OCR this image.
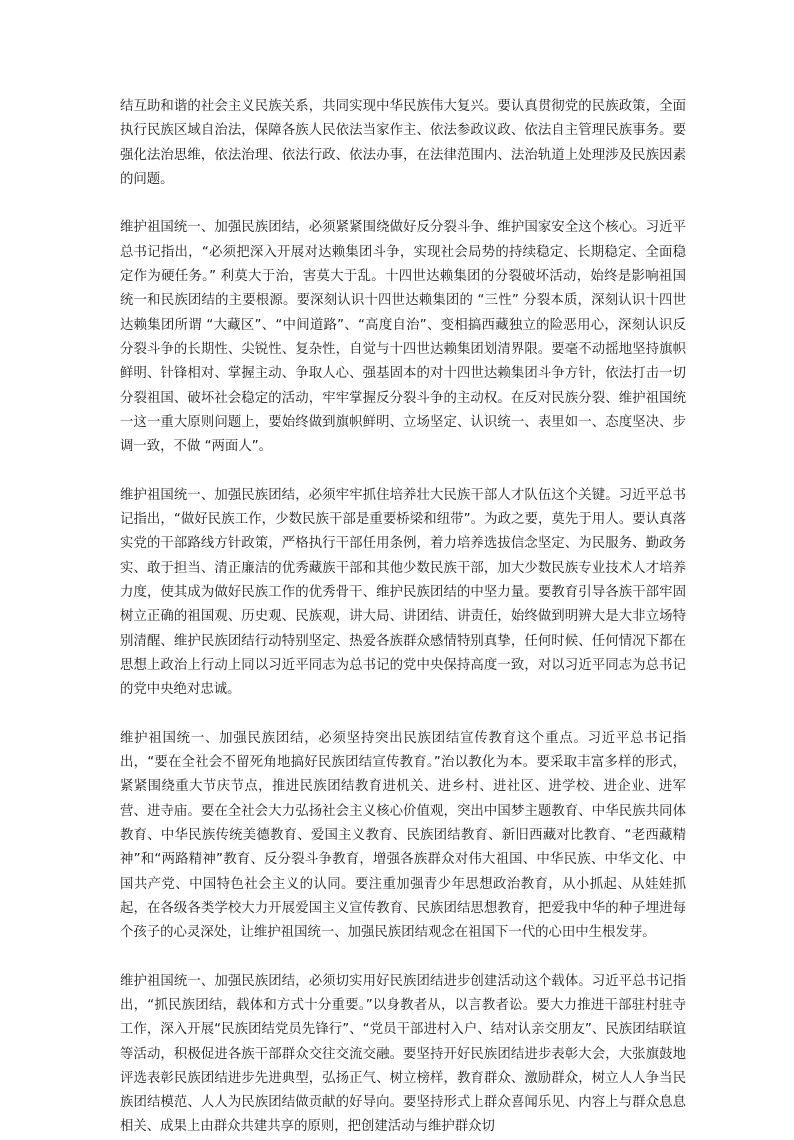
结互助和谐的社会主义民族关系，共同实现中华民族伟大复兴。要认真贯彻党的民族政策，全面执行民族区域自治法，保障各族人民依法当家作主、依法参政议政、依法自主管理民族事务。要强化法治思维，依法治理、依法行政、依法办事，在法律范围内、法治轨道上处理涉及民族因素的问题。

维护祖国统一、加强民族团结，必须紧紧围绕做好反分裂斗争、维护国家安全这个核心。习近平总书记指出，“必须把深入开展对达赖集团斗争，实现社会局势的持续稳定、长期稳定、全面稳定作为硬任务。” 利莫大于治，害莫大于乱。十四世达赖集团的分裂破坏活动，始终是影响祖国统一和民族团结的主要根源。要深刻认识十四世达赖集团的 “三性” 分裂本质，深刻认识十四世达赖集团所谓 “大藏区”、“中间道路”、“高度自治”、变相搞西藏独立的险恶用心，深刻认识反分裂斗争的长期性、尖锐性、复杂性，自觉与十四世达赖集团划清界限。要毫不动摇地坚持旗帜鲜明、针锋相对、掌握主动、争取人心、强基固本的对十四世达赖集团斗争方针，依法打击一切分裂祖国、破坏社会稳定的活动，牢牢掌握反分裂斗争的主动权。在反对民族分裂、维护祖国统一这一重大原则问题上，要始终做到旗帜鲜明、立场坚定、认识统一、表里如一、态度坚决、步调一致，不做 “两面人”。

维护祖国统一、加强民族团结，必须牢牢抓住培养壮大民族干部人才队伍这个关键。习近平总书记指出，“做好民族工作，少数民族干部是重要桥梁和纽带”。为政之要，莫先于用人。要认真落实党的干部路线方针政策，严格执行干部任用条例，着力培养选拔信念坚定、为民服务、勤政务实、敢于担当、清正廉洁的优秀藏族干部和其他少数民族干部，加大少数民族专业技术人才培养力度，使其成为做好民族工作的优秀骨干、维护民族团结的中坚力量。要教育引导各族干部牢固树立正确的祖国观、历史观、民族观，讲大局、讲团结、讲责任，始终做到明辨大是大非立场特别清醒、维护民族团结行动特别坚定、热爱各族群众感情特别真挚，任何时候、任何情况下都在思想上政治上行动上同以习近平同志为总书记的党中央保持高度一致，对以习近平同志为总书记的党中央绝对忠诚。

维护祖国统一、加强民族团结，必须坚持突出民族团结宣传教育这个重点。习近平总书记指出，“要在全社会不留死角地搞好民族团结宣传教育。”治以教化为本。要采取丰富多样的形式，紧紧围绕重大节庆节点，推进民族团结教育进机关、进乡村、进社区、进学校、进企业、进军营、进寺庙。要在全社会大力弘扬社会主义核心价值观，突出中国梦主题教育、中华民族共同体教育、中华民族传统美德教育、爱国主义教育、民族团结教育、新旧西藏对比教育、“老西藏精神”和“两路精神”教育、反分裂斗争教育，增强各族群众对伟大祖国、中华民族、中华文化、中国共产党、中国特色社会主义的认同。要注重加强青少年思想政治教育，从小抓起、从娃娃抓起，在各级各类学校大力开展爱国主义宣传教育、民族团结思想教育，把爱我中华的种子埋进每个孩子的心灵深处，让维护祖国统一、加强民族团结观念在祖国下一代的心田中生根发芽。

维护祖国统一、加强民族团结，必须切实用好民族团结进步创建活动这个载体。习近平总书记指出，“抓民族团结，载体和方式十分重要。”以身教者从，以言教者讼。要大力推进干部驻村驻寺工作，深入开展“民族团结党员先锋行”、“党员干部进村入户、结对认亲交朋友”、民族团结联谊等活动，积极促进各族干部群众交往交流交融。要坚持开好民族团结进步表彰大会，大张旗鼓地评选表彰民族团结进步先进典型，弘扬正气、树立榜样，教育群众、激励群众，树立人人争当民族团结模范、人人为民族团结做贡献的好导向。要坚持形式上群众喜闻乐见、内容上与群众息息相关、成果上由群众共建共享的原则，把创建活动与维护群众切
